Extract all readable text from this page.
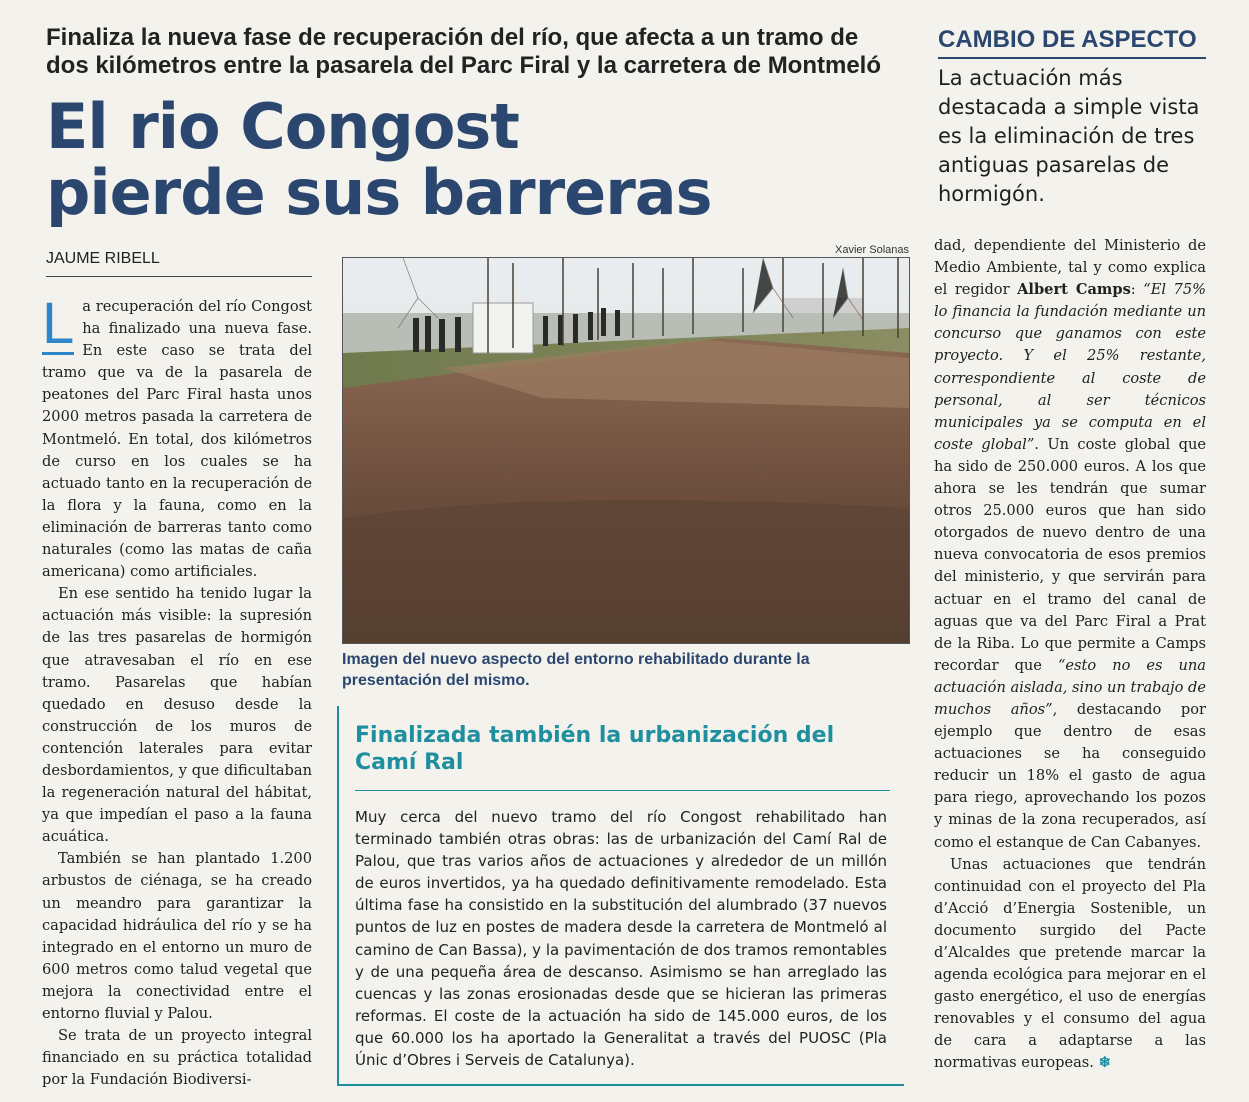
Finaliza la nueva fase de recuperación del río, que afecta a un tramo de dos kilómetros entre la pasarela del Parc Firal y la carretera de Montmeló
El rio Congost pierde sus barreras
CAMBIO DE ASPECTO
La actuación más destacada a simple vista es la eliminación de tres antiguas pasarelas de hormigón.
JAUME RIBELL

L a recuperación del río Congost ha finalizado una nueva fase. En este caso se trata del tramo que va de la pasarela de peatones del Parc Firal hasta unos 2000 metros pasada la carretera de Montmeló. En total, dos kilómetros de curso en los cuales se ha actuado tanto en la recuperación de la flora y la fauna, como en la eliminación de barreras tanto como naturales (como las matas de caña americana) como artificiales.

En ese sentido ha tenido lugar la actuación más visible: la supresión de las tres pasarelas de hormigón que atravesaban el río en ese tramo. Pasarelas que habían quedado en desuso desde la construcción de los muros de contención laterales para evitar desbordamientos, y que dificultaban la regeneración natural del hábitat, ya que impedían el paso a la fauna acuática.

También se han plantado 1.200 arbustos de ciénaga, se ha creado un meandro para garantizar la capacidad hidráulica del río y se ha integrado en el entorno un muro de 600 metros como talud vegetal que mejora la conectividad entre el entorno fluvial y Palou.

Se trata de un proyecto integral financiado en su práctica totalidad por la Fundación Biodiversi-

Xavier Solanas
Imagen del nuevo aspecto del entorno rehabilitado durante la presentación del mismo.
Finalizada también la urbanización del Camí Ral
Muy cerca del nuevo tramo del río Congost rehabilitado han terminado también otras obras: las de urbanización del Camí Ral de Palou, que tras varios años de actuaciones y alrededor de un millón de euros invertidos, ya ha quedado definitivamente remodelado. Esta última fase ha consistido en la substitución del alumbrado (37 nuevos puntos de luz en postes de madera desde la carretera de Montmeló al camino de Can Bassa), y la pavimentación de dos tramos remontables y de una pequeña área de descanso. Asimismo se han arreglado las cuencas y las zonas erosionadas desde que se hicieran las primeras reformas. El coste de la actuación ha sido de 145.000 euros, de los que 60.000 los ha aportado la Generalitat a través del PUOSC (Pla Únic d’Obres i Serveis de Catalunya).

dad, dependiente del Ministerio de Medio Ambiente, tal y como explica el regidor Albert Camps: “El 75% lo financia la fundación mediante un concurso que ganamos con este proyecto. Y el 25% restante, correspondiente al coste de personal, al ser técnicos municipales ya se computa en el coste global”. Un coste global que ha sido de 250.000 euros. A los que ahora se les tendrán que sumar otros 25.000 euros que han sido otorgados de nuevo dentro de una nueva convocatoria de esos premios del ministerio, y que servirán para actuar en el tramo del canal de aguas que va del Parc Firal a Prat de la Riba. Lo que permite a Camps recordar que “esto no es una actuación aislada, sino un trabajo de muchos años”, destacando por ejemplo que dentro de esas actuaciones se ha conseguido reducir un 18% el gasto de agua para riego, aprovechando los pozos y minas de la zona recuperados, así como el estanque de Can Cabanyes.

Unas actuaciones que tendrán continuidad con el proyecto del Pla d’Acció d’Energia Sostenible, un documento surgido del Pacte d’Alcaldes que pretende marcar la agenda ecológica para mejorar en el gasto energético, el uso de energías renovables y el consumo del agua de cara a adaptarse a las normativas europeas. ❄
